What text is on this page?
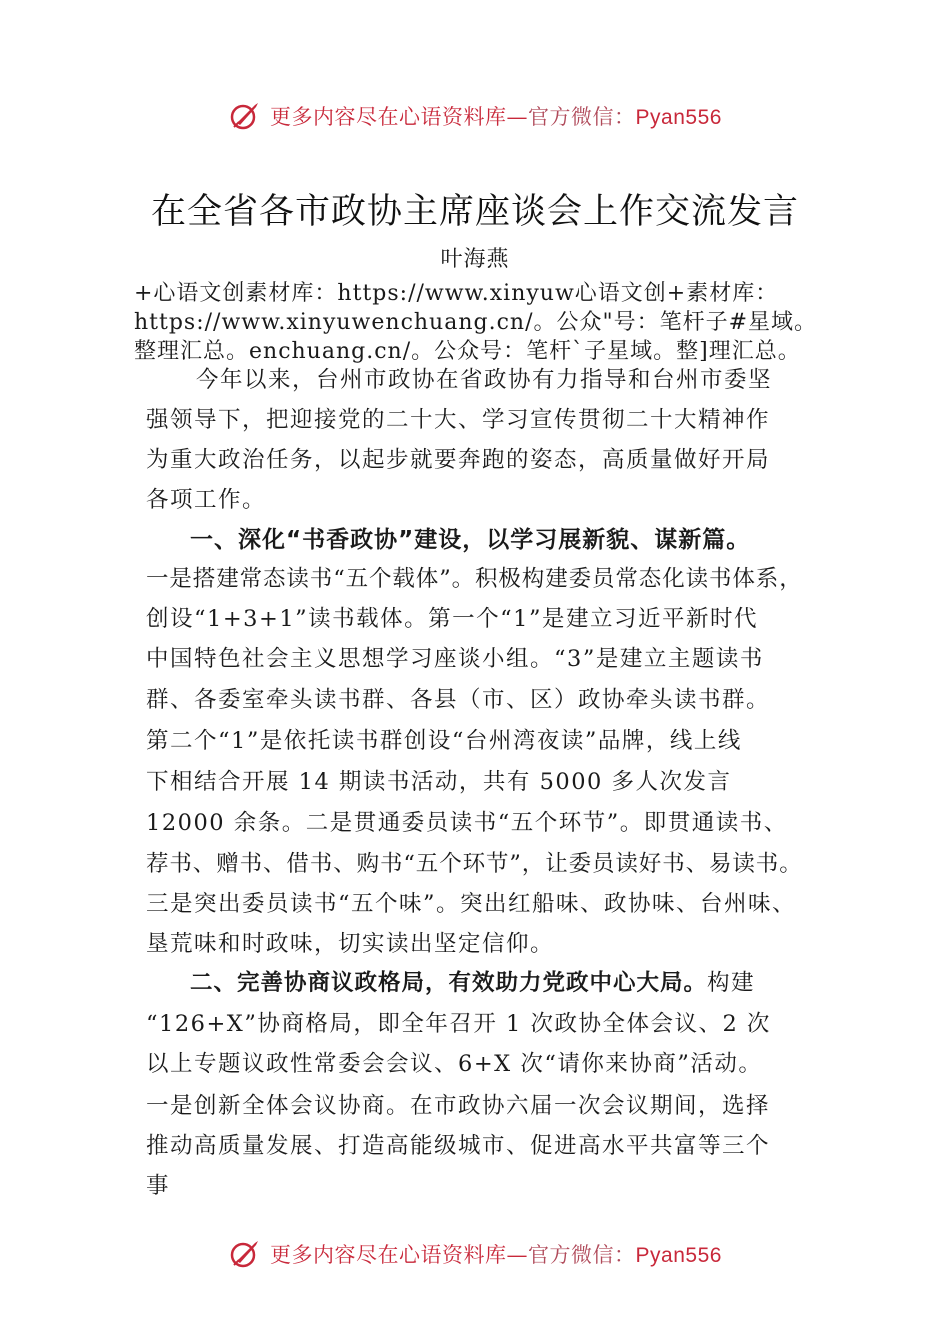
更多内容尽在心语资料库—官方微信：Pyan556
在全省各市政协主席座谈会上作交流发言
叶海燕
+心语文创素材库：https://www.xinyuw心语文创+素材库：
https://www.xinyuwenchuang.cn/。公众"号：笔杆子#星域。
整理汇总。enchuang.cn/。公众号：笔杆`子星域。整]理汇总。
今年以来，台州市政协在省政协有力指导和台州市委坚
强领导下，把迎接党的二十大、学习宣传贯彻二十大精神作
为重大政治任务，以起步就要奔跑的姿态，高质量做好开局
各项工作。
一、深化“书香政协”建设，以学习展新貌、谋新篇。
一是搭建常态读书“五个载体”。积极构建委员常态化读书体系，
创设“1+3+1”读书载体。第一个“1”是建立习近平新时代
中国特色社会主义思想学习座谈小组。“3”是建立主题读书
群、各委室牵头读书群、各县（市、区）政协牵头读书群。
第二个“1”是依托读书群创设“台州湾夜读”品牌，线上线
下相结合开展 14 期读书活动，共有 5000 多人次发言
12000 余条。二是贯通委员读书“五个环节”。即贯通读书、
荐书、赠书、借书、购书“五个环节”，让委员读好书、易读书。
三是突出委员读书“五个味”。突出红船味、政协味、台州味、
垦荒味和时政味，切实读出坚定信仰。
二、完善协商议政格局，有效助力党政中心大局。构建
“126+X”协商格局，即全年召开 1 次政协全体会议、2 次
以上专题议政性常委会会议、6+X 次“请你来协商”活动。
一是创新全体会议协商。在市政协六届一次会议期间，选择
推动高质量发展、打造高能级城市、促进高水平共富等三个
事
更多内容尽在心语资料库—官方微信：Pyan556
